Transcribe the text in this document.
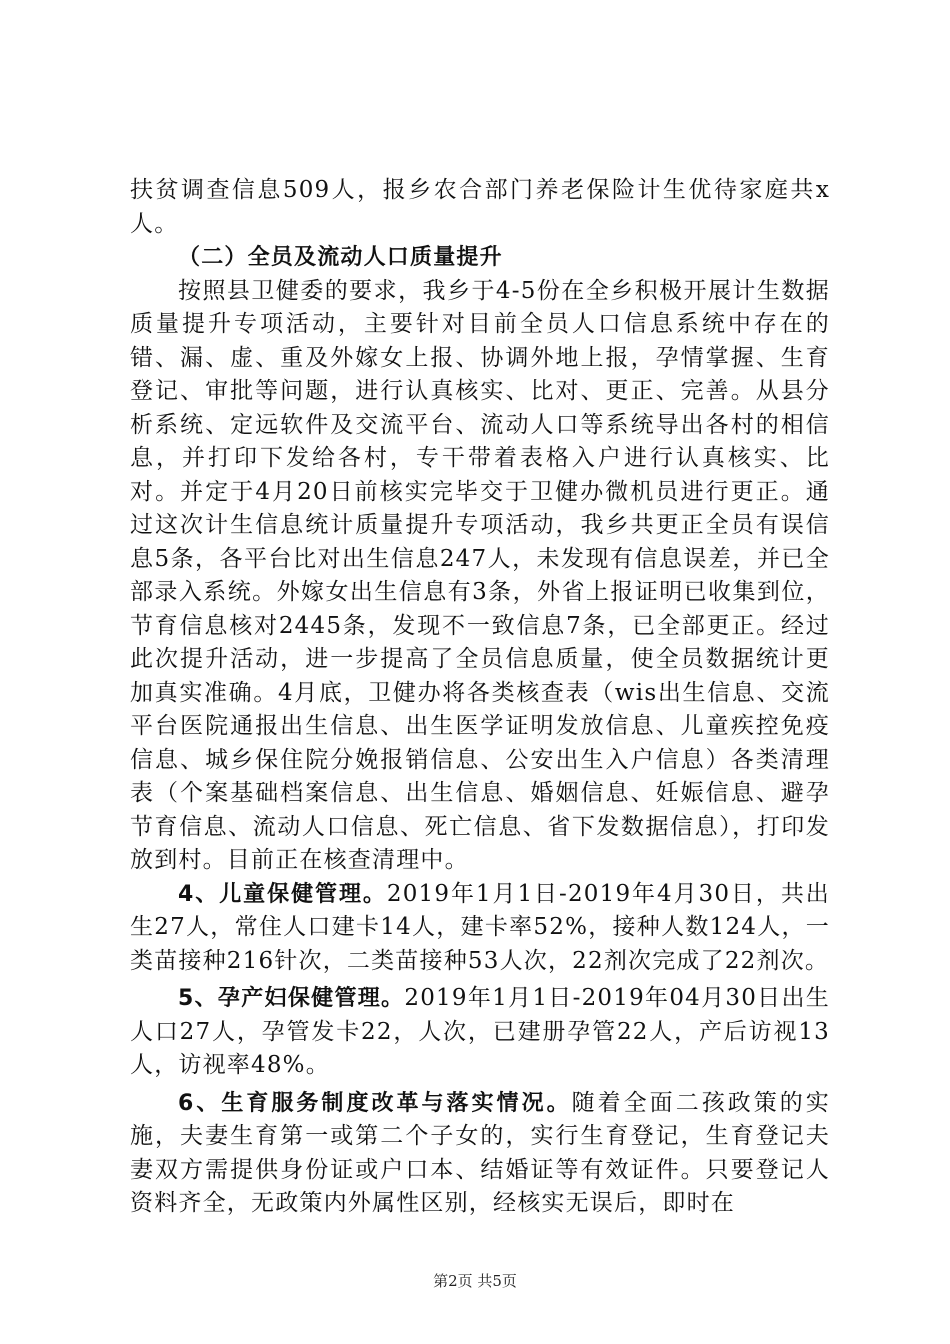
扶贫调查信息509人，报乡农合部门养老保险计生优待家庭共x人。

（二）全员及流动人口质量提升

按照县卫健委的要求，我乡于4-5份在全乡积极开展计生数据质量提升专项活动，主要针对目前全员人口信息系统中存在的错、漏、虚、重及外嫁女上报、协调外地上报，孕情掌握、生育登记、审批等问题，进行认真核实、比对、更正、完善。从县分析系统、定远软件及交流平台、流动人口等系统导出各村的相信息，并打印下发给各村，专干带着表格入户进行认真核实、比对。并定于4月20日前核实完毕交于卫健办微机员进行更正。通过这次计生信息统计质量提升专项活动，我乡共更正全员有误信息5条，各平台比对出生信息247人，未发现有信息误差，并已全部录入系统。外嫁女出生信息有3条，外省上报证明已收集到位，节育信息核对2445条，发现不一致信息7条，已全部更正。经过此次提升活动，进一步提高了全员信息质量，使全员数据统计更加真实准确。4月底，卫健办将各类核查表（wis出生信息、交流平台医院通报出生信息、出生医学证明发放信息、儿童疾控免疫信息、城乡保住院分娩报销信息、公安出生入户信息）各类清理表（个案基础档案信息、出生信息、婚姻信息、妊娠信息、避孕节育信息、流动人口信息、死亡信息、省下发数据信息），打印发放到村。目前正在核查清理中。

4、儿童保健管理。2019年1月1日-2019年4月30日，共出生27人，常住人口建卡14人，建卡率52%，接种人数124人，一类苗接种216针次，二类苗接种53人次，22剂次完成了22剂次。

5、孕产妇保健管理。2019年1月1日-2019年04月30日出生人口27人，孕管发卡22，人次，已建册孕管22人，产后访视13人，访视率48%。

6、生育服务制度改革与落实情况。随着全面二孩政策的实施，夫妻生育第一或第二个子女的，实行生育登记，生育登记夫妻双方需提供身份证或户口本、结婚证等有效证件。只要登记人资料齐全，无政策内外属性区别，经核实无误后，即时在

第2页 共5页
